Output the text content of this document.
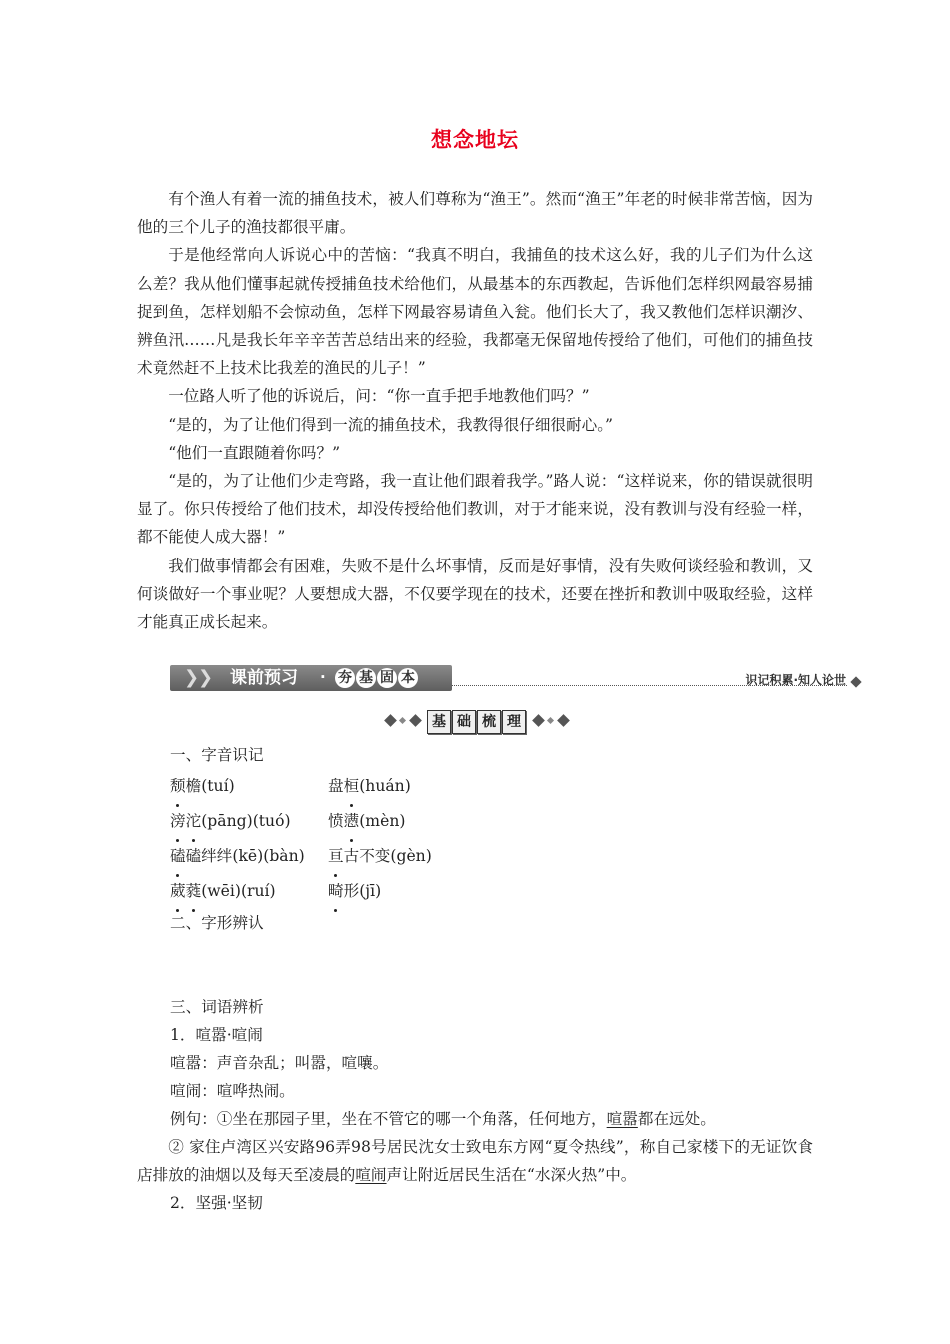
想念地坛

有个渔人有着一流的捕鱼技术，被人们尊称为“渔王”。然而“渔王”年老的时候非常苦恼，因为他的三个儿子的渔技都很平庸。

于是他经常向人诉说心中的苦恼：“我真不明白，我捕鱼的技术这么好，我的儿子们为什么这么差？我从他们懂事起就传授捕鱼技术给他们，从最基本的东西教起，告诉他们怎样织网最容易捕捉到鱼，怎样划船不会惊动鱼，怎样下网最容易请鱼入瓮。他们长大了，我又教他们怎样识潮汐、辨鱼汛……凡是我长年辛辛苦苦总结出来的经验，我都毫无保留地传授给了他们，可他们的捕鱼技术竟然赶不上技术比我差的渔民的儿子！”

一位路人听了他的诉说后，问：“你一直手把手地教他们吗？”

“是的，为了让他们得到一流的捕鱼技术，我教得很仔细很耐心。”

“他们一直跟随着你吗？”

“是的，为了让他们少走弯路，我一直让他们跟着我学。”路人说：“这样说来，你的错误就很明显了。你只传授给了他们技术，却没传授给他们教训，对于才能来说，没有教训与没有经验一样，都不能使人成大器！”

我们做事情都会有困难，失败不是什么坏事情，反而是好事情，没有失败何谈经验和教训，又何谈做好一个事业呢？人要想成大器，不仅要学现在的技术，还要在挫折和教训中吸取经验，这样才能真正成长起来。

❯
❯ 课前预习 · 夯 基 固 本	识记积累·知人论世
基 础 梳 理
一、字音识记
颓檐(tuí)	盘桓(huán)
滂沱(pāng)(tuó) 愤懑(mèn)
磕磕绊绊(kē)(bàn) 亘古不变(gèn)
葳蕤(wēi)(ruí)	畸形(jī)
二、字形辨认
三、词语辨析
1．喧嚣·喧闹
喧嚣：声音杂乱；叫嚣，喧嚷。
喧闹：喧哗热闹。
例句：①坐在那园子里，坐在不管它的哪一个角落，任何地方，喧嚣都在远处。
② 家住卢湾区兴安路96弄98号居民沈女士致电东方网“夏令热线”，称自己家楼下的无证饮食店排放的油烟以及每天至凌晨的喧闹声让附近居民生活在“水深火热”中。
2．坚强·坚韧
